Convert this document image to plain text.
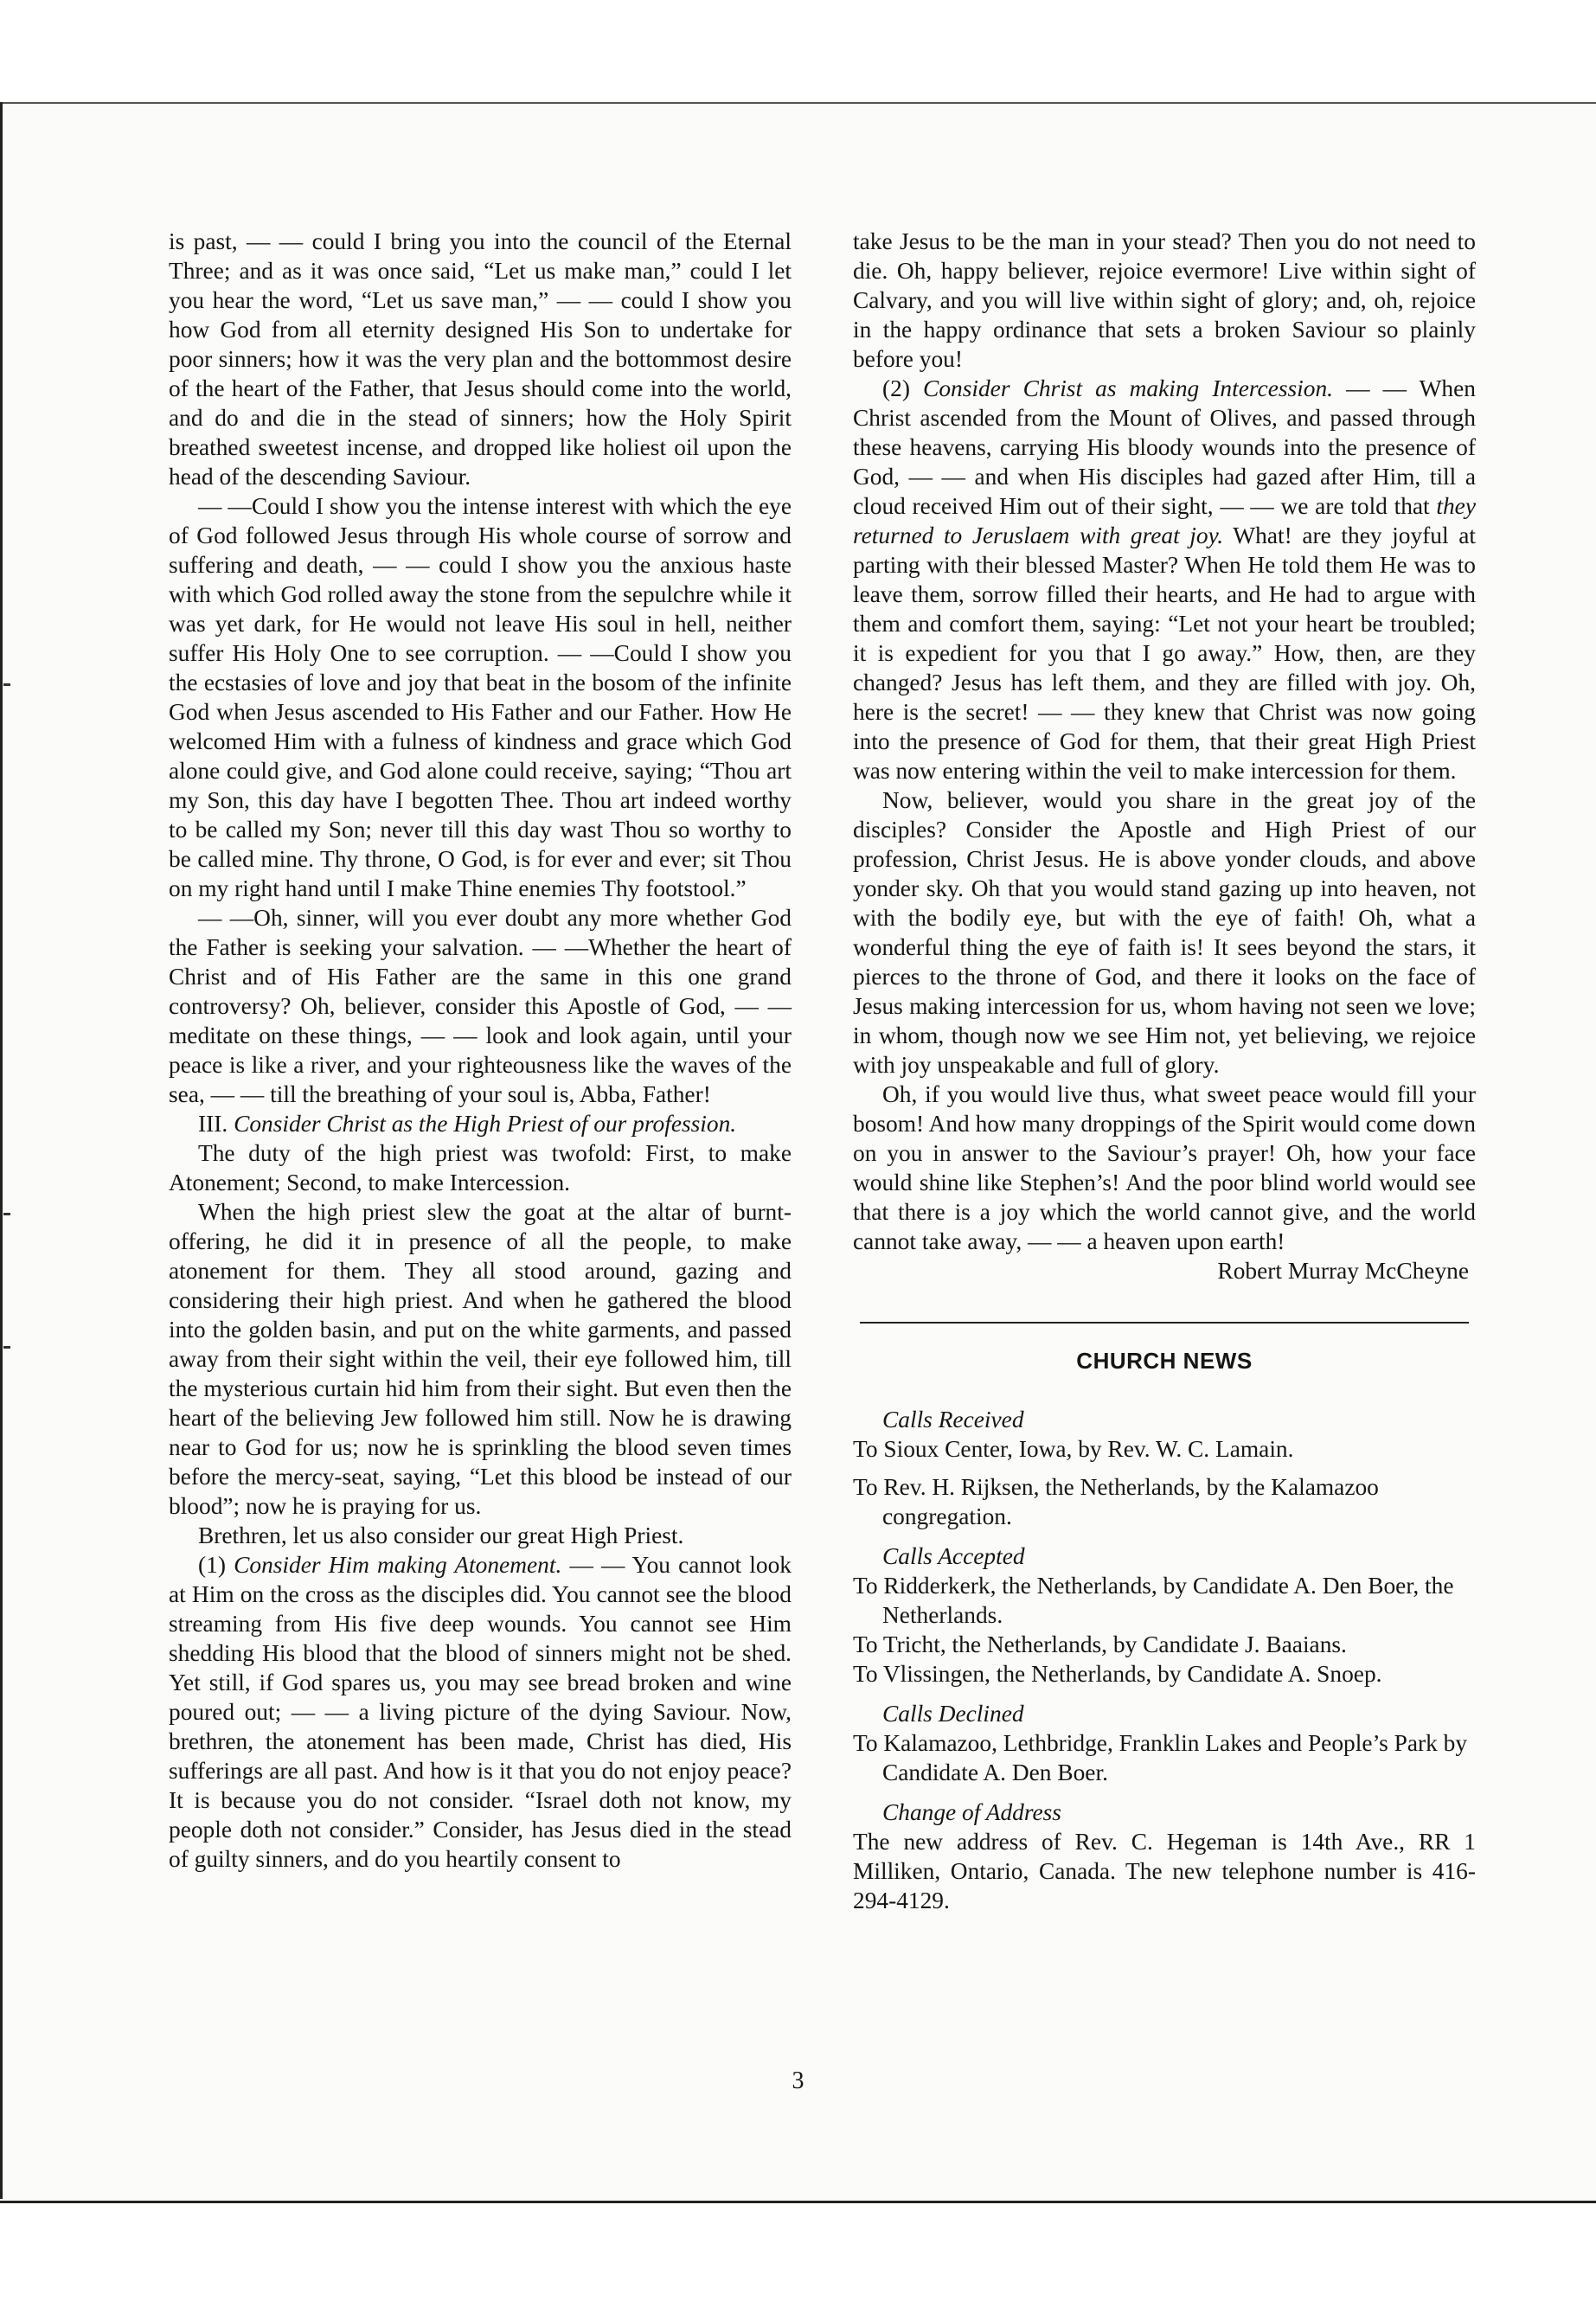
is past, — — could I bring you into the council of the Eternal Three; and as it was once said, “Let us make man,” could I let you hear the word, “Let us save man,” — — could I show you how God from all eternity designed His Son to undertake for poor sinners; how it was the very plan and the bottommost desire of the heart of the Father, that Jesus should come into the world, and do and die in the stead of sinners; how the Holy Spirit breathed sweetest incense, and dropped like holiest oil upon the head of the descending Saviour.

— —Could I show you the intense interest with which the eye of God followed Jesus through His whole course of sorrow and suffering and death, — — could I show you the anxious haste with which God rolled away the stone from the sepulchre while it was yet dark, for He would not leave His soul in hell, neither suffer His Holy One to see corruption. — —Could I show you the ecstasies of love and joy that beat in the bosom of the infinite God when Jesus ascended to His Father and our Father. How He welcomed Him with a fulness of kindness and grace which God alone could give, and God alone could receive, saying; “Thou art my Son, this day have I begotten Thee. Thou art indeed worthy to be called my Son; never till this day wast Thou so worthy to be called mine. Thy throne, O God, is for ever and ever; sit Thou on my right hand until I make Thine enemies Thy footstool.”

— —Oh, sinner, will you ever doubt any more whether God the Father is seeking your salvation. — —Whether the heart of Christ and of His Father are the same in this one grand controversy? Oh, believer, consider this Apostle of God, — — meditate on these things, — — look and look again, until your peace is like a river, and your righteousness like the waves of the sea, — — till the breathing of your soul is, Abba, Father!

III. Consider Christ as the High Priest of our profession.

The duty of the high priest was twofold: First, to make Atonement; Second, to make Intercession.

When the high priest slew the goat at the altar of burnt-offering, he did it in presence of all the people, to make atonement for them. They all stood around, gazing and considering their high priest. And when he gathered the blood into the golden basin, and put on the white garments, and passed away from their sight within the veil, their eye followed him, till the mysterious curtain hid him from their sight. But even then the heart of the believing Jew followed him still. Now he is drawing near to God for us; now he is sprinkling the blood seven times before the mercy-seat, saying, “Let this blood be instead of our blood”; now he is praying for us.

Brethren, let us also consider our great High Priest.

(1) Consider Him making Atonement. — — You cannot look at Him on the cross as the disciples did. You cannot see the blood streaming from His five deep wounds. You cannot see Him shedding His blood that the blood of sinners might not be shed. Yet still, if God spares us, you may see bread broken and wine poured out; — — a living picture of the dying Saviour. Now, brethren, the atonement has been made, Christ has died, His sufferings are all past. And how is it that you do not enjoy peace? It is because you do not consider. “Israel doth not know, my people doth not consider.” Consider, has Jesus died in the stead of guilty sinners, and do you heartily consent to

take Jesus to be the man in your stead? Then you do not need to die. Oh, happy believer, rejoice evermore! Live within sight of Calvary, and you will live within sight of glory; and, oh, rejoice in the happy ordinance that sets a broken Saviour so plainly before you!

(2) Consider Christ as making Intercession. — — When Christ ascended from the Mount of Olives, and passed through these heavens, carrying His bloody wounds into the presence of God, — — and when His disciples had gazed after Him, till a cloud received Him out of their sight, — — we are told that they returned to Jeruslaem with great joy. What! are they joyful at parting with their blessed Master? When He told them He was to leave them, sorrow filled their hearts, and He had to argue with them and comfort them, saying: “Let not your heart be troubled; it is expedient for you that I go away.” How, then, are they changed? Jesus has left them, and they are filled with joy. Oh, here is the secret! — — they knew that Christ was now going into the presence of God for them, that their great High Priest was now entering within the veil to make intercession for them.

Now, believer, would you share in the great joy of the disciples? Consider the Apostle and High Priest of our profession, Christ Jesus. He is above yonder clouds, and above yonder sky. Oh that you would stand gazing up into heaven, not with the bodily eye, but with the eye of faith! Oh, what a wonderful thing the eye of faith is! It sees beyond the stars, it pierces to the throne of God, and there it looks on the face of Jesus making intercession for us, whom having not seen we love; in whom, though now we see Him not, yet believing, we rejoice with joy unspeakable and full of glory.

Oh, if you would live thus, what sweet peace would fill your bosom! And how many droppings of the Spirit would come down on you in answer to the Saviour’s prayer! Oh, how your face would shine like Stephen’s! And the poor blind world would see that there is a joy which the world cannot give, and the world cannot take away, — — a heaven upon earth!

Robert Murray McCheyne

CHURCH NEWS

Calls Received

To Sioux Center, Iowa, by Rev. W. C. Lamain.

To Rev. H. Rijksen, the Netherlands, by the Kalamazoo congregation.

Calls Accepted

To Ridderkerk, the Netherlands, by Candidate A. Den Boer, the Netherlands.

To Tricht, the Netherlands, by Candidate J. Baaians.

To Vlissingen, the Netherlands, by Candidate A. Snoep.

Calls Declined

To Kalamazoo, Lethbridge, Franklin Lakes and People’s Park by Candidate A. Den Boer.

Change of Address

The new address of Rev. C. Hegeman is 14th Ave., RR 1 Milliken, Ontario, Canada. The new telephone number is 416-294-4129.

3
